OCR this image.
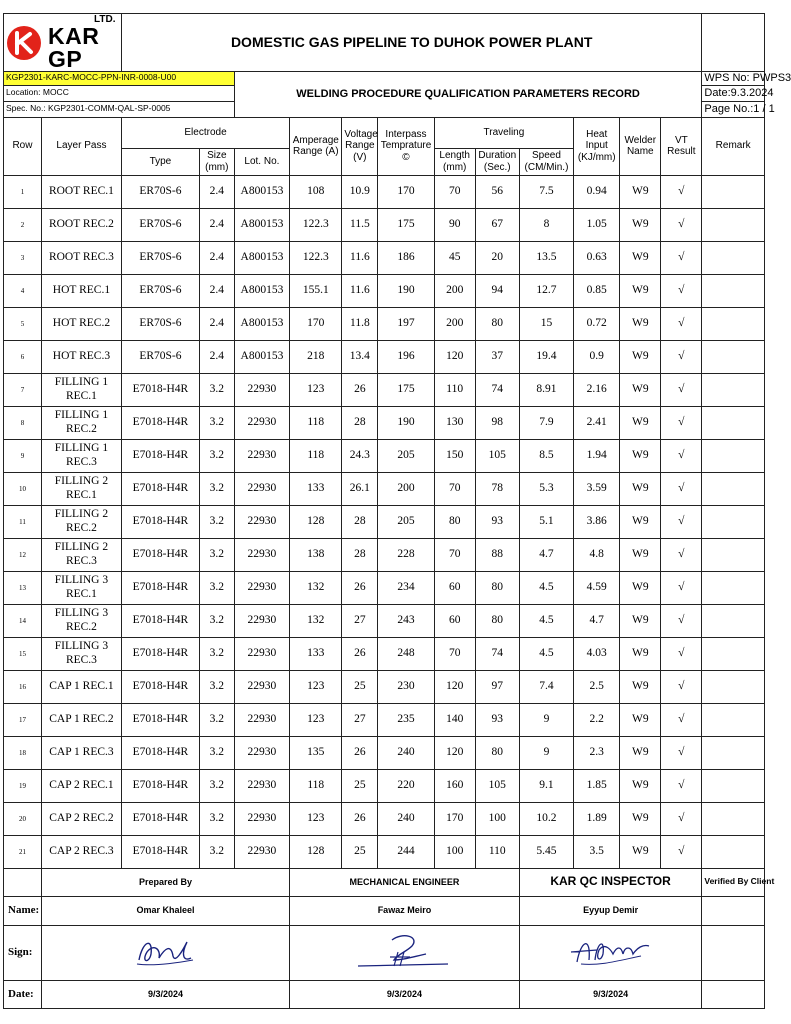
LTD.
KAR GP		DOMESTIC GAS PIPELINE TO DUHOK POWER PLANT												
KGP2301-KARC-MOCC-PPN-INR-0008-U00				WELDING PROCEDURE QUALIFICATION PARAMETERS RECORD										WPS No: PWPS3
Location: MOCC														Date:9.3.2024
Spec. No.: KGP2301-COMM-QAL-SP-0005														Page No.:1 / 1
Row	Layer Pass	Electrode			Amperage Range (A)	Voltage Range (V)	Interpass Temprature ©	Traveling			Heat Input (KJ/mm)	Welder Name	VT Result	Remark
		Type	Size (mm)	Lot. No.				Length (mm)	Duration (Sec.)	Speed (CM/Min.)				
1	ROOT REC.1	ER70S-6	2.4	A800153	108	10.9	170	70	56	7.5	0.94	W9	√	
2	ROOT REC.2	ER70S-6	2.4	A800153	122.3	11.5	175	90	67	8	1.05	W9	√	
3	ROOT REC.3	ER70S-6	2.4	A800153	122.3	11.6	186	45	20	13.5	0.63	W9	√	
4	HOT REC.1	ER70S-6	2.4	A800153	155.1	11.6	190	200	94	12.7	0.85	W9	√	
5	HOT REC.2	ER70S-6	2.4	A800153	170	11.8	197	200	80	15	0.72	W9	√	
6	HOT REC.3	ER70S-6	2.4	A800153	218	13.4	196	120	37	19.4	0.9	W9	√	
7	FILLING 1 REC.1	E7018-H4R	3.2	22930	123	26	175	110	74	8.91	2.16	W9	√	
8	FILLING 1 REC.2	E7018-H4R	3.2	22930	118	28	190	130	98	7.9	2.41	W9	√	
9	FILLING 1 REC.3	E7018-H4R	3.2	22930	118	24.3	205	150	105	8.5	1.94	W9	√	
10	FILLING 2 REC.1	E7018-H4R	3.2	22930	133	26.1	200	70	78	5.3	3.59	W9	√	
11	FILLING 2 REC.2	E7018-H4R	3.2	22930	128	28	205	80	93	5.1	3.86	W9	√	
12	FILLING 2 REC.3	E7018-H4R	3.2	22930	138	28	228	70	88	4.7	4.8	W9	√	
13	FILLING 3 REC.1	E7018-H4R	3.2	22930	132	26	234	60	80	4.5	4.59	W9	√	
14	FILLING 3 REC.2	E7018-H4R	3.2	22930	132	27	243	60	80	4.5	4.7	W9	√	
15	FILLING 3 REC.3	E7018-H4R	3.2	22930	133	26	248	70	74	4.5	4.03	W9	√	
16	CAP 1 REC.1	E7018-H4R	3.2	22930	123	25	230	120	97	7.4	2.5	W9	√	
17	CAP 1 REC.2	E7018-H4R	3.2	22930	123	27	235	140	93	9	2.2	W9	√	
18	CAP 1 REC.3	E7018-H4R	3.2	22930	135	26	240	120	80	9	2.3	W9	√	
19	CAP 2 REC.1	E7018-H4R	3.2	22930	118	25	220	160	105	9.1	1.85	W9	√	
20	CAP 2 REC.2	E7018-H4R	3.2	22930	123	26	240	170	100	10.2	1.89	W9	√	
21	CAP 2 REC.3	E7018-H4R	3.2	22930	128	25	244	100	110	5.45	3.5	W9	√	
	Prepared By				MECHANICAL ENGINEER					KAR QC INSPECTOR				Verified By Client
Name:	Omar Khaleel				Fawaz Meiro					Eyyup Demir				
Sign:				
Date:	9/3/2024				9/3/2024					9/3/2024				
